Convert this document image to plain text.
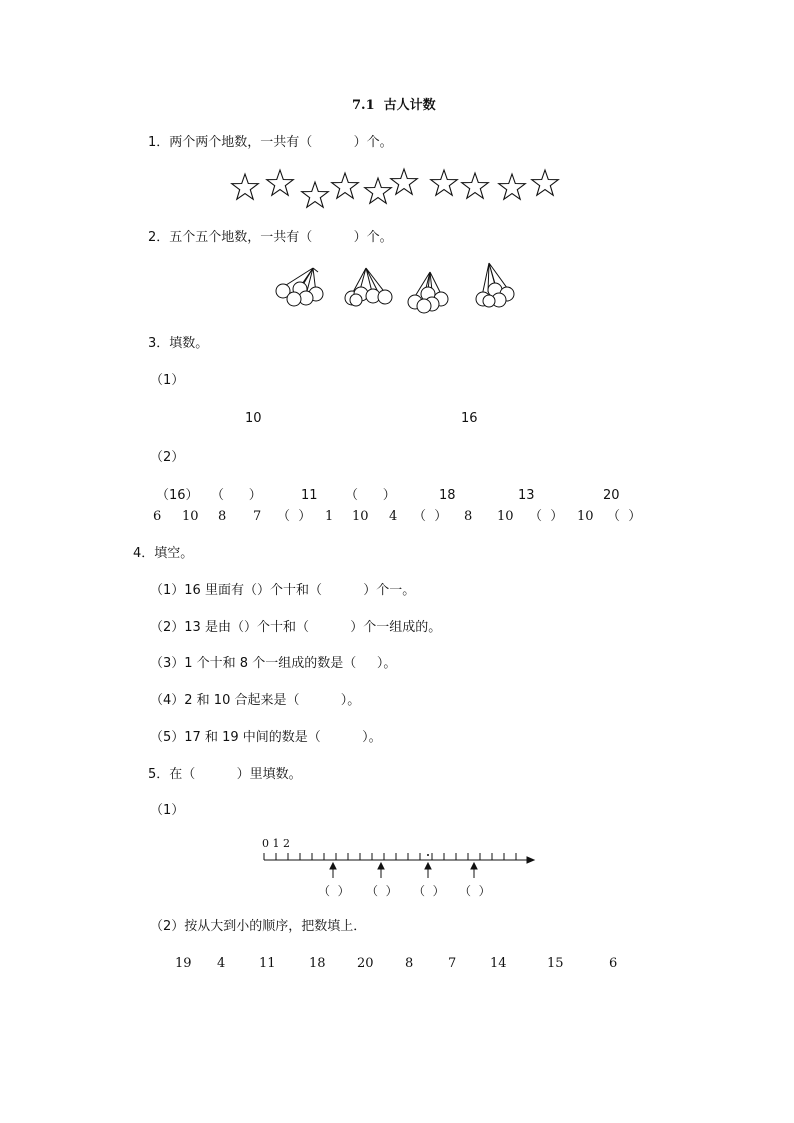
7.1  古人计数
1．两个两个地数，一共有（          ）个。
2．五个五个地数，一共有（          ）个。
3．填数。
（1）
10	16
（2）
（16） （      ）	11 （      ）	18	13	20
6 10 8 7 （  ） 1 10 4 （  ） 8 10 （  ） 10 （  ）
4．填空。
（1）16 里面有（）个十和（          ）个一。
（2）13 是由（）个十和（          ）个一组成的。
（3）1 个十和 8 个一组成的数是（     ）。
（4）2 和 10 合起来是（          ）。
（5）17 和 19 中间的数是（          ）。
5．在（          ）里填数。
（1）
0 1 2
（  ） （  ） （  ） （  ）
（2）按从大到小的顺序，把数填上．
19 4	11	18 20 8	7	14	15	6
